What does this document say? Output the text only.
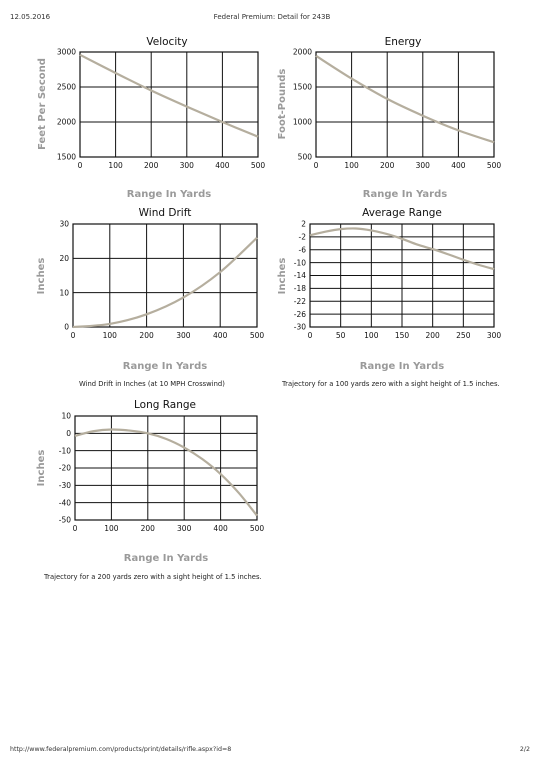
12.05.2016	Federal Premium: Detail for 243B
Velocity
0	100	200	300	400	500
1500
2000
2500
3000
Feet Per Second
Range In Yards
Energy
0	100	200	300	400	500
500
1000
1500
2000
Foot-Pounds
Range In Yards
Wind Drift
0	100	200	300	400	500
0
10
20
30
Inches
Range In Yards
Average Range
0	50 100 150 200 250 300
2
-2
-6
-10
-14
-18
-22
-26
-30
Inches
Range In Yards
Long Range
0	100	200	300	400	500
10
0
-10
-20
-30
-40
-50
Inches
Range In Yards
Wind Drift in Inches (at 10 MPH Crosswind)	Trajectory for a 100 yards zero with a sight height of 1.5 inches.
Trajectory for a 200 yards zero with a sight height of 1.5 inches.
http://www.federalpremium.com/products/print/details/rifle.aspx?id=8	2/2
